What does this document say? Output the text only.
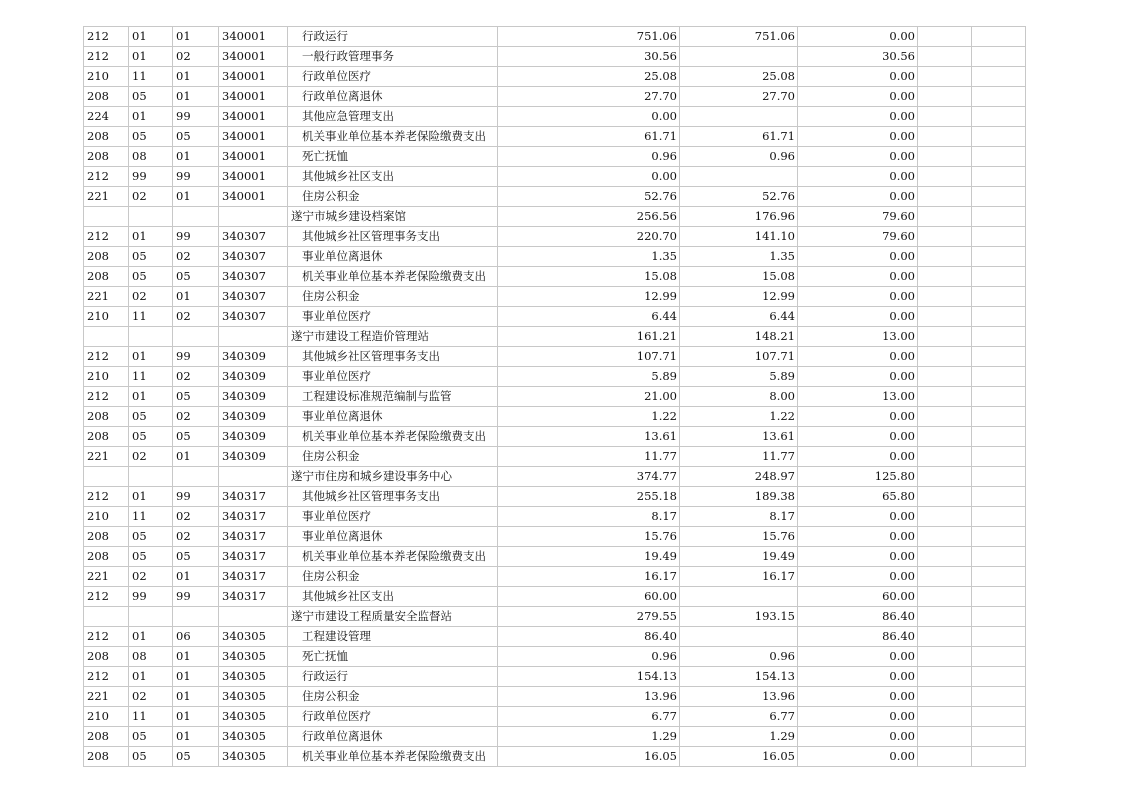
212	01	01	340001	行政运行	751.06	751.06	0.00		
212	01	02	340001	一般行政管理事务	30.56		30.56		
210	11	01	340001	行政单位医疗	25.08	25.08	0.00		
208	05	01	340001	行政单位离退休	27.70	27.70	0.00		
224	01	99	340001	其他应急管理支出	0.00		0.00		
208	05	05	340001	机关事业单位基本养老保险缴费支出	61.71	61.71	0.00		
208	08	01	340001	死亡抚恤	0.96	0.96	0.00		
212	99	99	340001	其他城乡社区支出	0.00		0.00		
221	02	01	340001	住房公积金	52.76	52.76	0.00		
				遂宁市城乡建设档案馆	256.56	176.96	79.60		
212	01	99	340307	其他城乡社区管理事务支出	220.70	141.10	79.60		
208	05	02	340307	事业单位离退休	1.35	1.35	0.00		
208	05	05	340307	机关事业单位基本养老保险缴费支出	15.08	15.08	0.00		
221	02	01	340307	住房公积金	12.99	12.99	0.00		
210	11	02	340307	事业单位医疗	6.44	6.44	0.00		
				遂宁市建设工程造价管理站	161.21	148.21	13.00		
212	01	99	340309	其他城乡社区管理事务支出	107.71	107.71	0.00		
210	11	02	340309	事业单位医疗	5.89	5.89	0.00		
212	01	05	340309	工程建设标准规范编制与监管	21.00	8.00	13.00		
208	05	02	340309	事业单位离退休	1.22	1.22	0.00		
208	05	05	340309	机关事业单位基本养老保险缴费支出	13.61	13.61	0.00		
221	02	01	340309	住房公积金	11.77	11.77	0.00		
				遂宁市住房和城乡建设事务中心	374.77	248.97	125.80		
212	01	99	340317	其他城乡社区管理事务支出	255.18	189.38	65.80		
210	11	02	340317	事业单位医疗	8.17	8.17	0.00		
208	05	02	340317	事业单位离退休	15.76	15.76	0.00		
208	05	05	340317	机关事业单位基本养老保险缴费支出	19.49	19.49	0.00		
221	02	01	340317	住房公积金	16.17	16.17	0.00		
212	99	99	340317	其他城乡社区支出	60.00		60.00		
				遂宁市建设工程质量安全监督站	279.55	193.15	86.40		
212	01	06	340305	工程建设管理	86.40		86.40		
208	08	01	340305	死亡抚恤	0.96	0.96	0.00		
212	01	01	340305	行政运行	154.13	154.13	0.00		
221	02	01	340305	住房公积金	13.96	13.96	0.00		
210	11	01	340305	行政单位医疗	6.77	6.77	0.00		
208	05	01	340305	行政单位离退休	1.29	1.29	0.00		
208	05	05	340305	机关事业单位基本养老保险缴费支出	16.05	16.05	0.00		
